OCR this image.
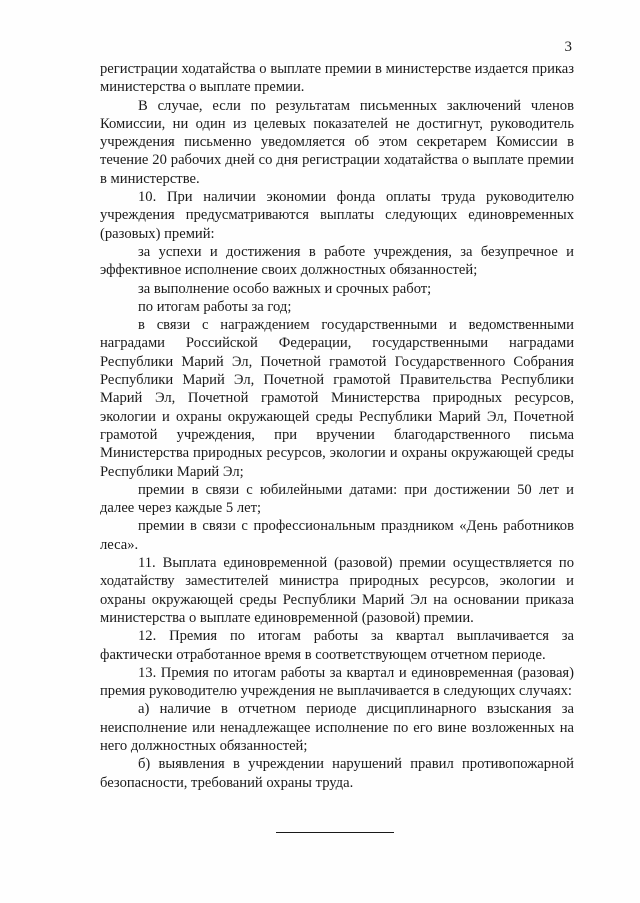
3

регистрации ходатайства о выплате премии в министерстве издается приказ министерства о выплате премии.

В случае, если по результатам письменных заключений членов Комиссии, ни один из целевых показателей не достигнут, руководитель учреждения письменно уведомляется об этом секретарем Комиссии в течение 20 рабочих дней со дня регистрации ходатайства о выплате премии в министерстве.

10. При наличии экономии фонда оплаты труда руководителю учреждения предусматриваются выплаты следующих единовременных (разовых) премий:

за успехи и достижения в работе учреждения, за безупречное и эффективное исполнение своих должностных обязанностей;

за выполнение особо важных и срочных работ;

по итогам работы за год;

в связи с награждением государственными и ведомственными наградами Российской Федерации, государственными наградами Республики Марий Эл, Почетной грамотой Государственного Собрания Республики Марий Эл, Почетной грамотой Правительства Республики Марий Эл, Почетной грамотой Министерства природных ресурсов, экологии и охраны окружающей среды Республики Марий Эл, Почетной грамотой учреждения, при вручении благодарственного письма Министерства природных ресурсов, экологии и охраны окружающей среды Республики Марий Эл;

премии в связи с юбилейными датами: при достижении 50 лет и далее через каждые 5 лет;

премии в связи с профессиональным праздником «День работников леса».

11. Выплата единовременной (разовой) премии осуществляется по ходатайству заместителей министра природных ресурсов, экологии и охраны окружающей среды Республики Марий Эл на основании приказа министерства о выплате единовременной (разовой) премии.

12. Премия по итогам работы за квартал выплачивается за фактически отработанное время в соответствующем отчетном периоде.

13. Премия по итогам работы за квартал и единовременная (разовая) премия руководителю учреждения не выплачивается в следующих случаях:

а) наличие в отчетном периоде дисциплинарного взыскания за неисполнение или ненадлежащее исполнение по его вине возложенных на него должностных обязанностей;

б) выявления в учреждении нарушений правил противопожарной безопасности, требований охраны труда.
